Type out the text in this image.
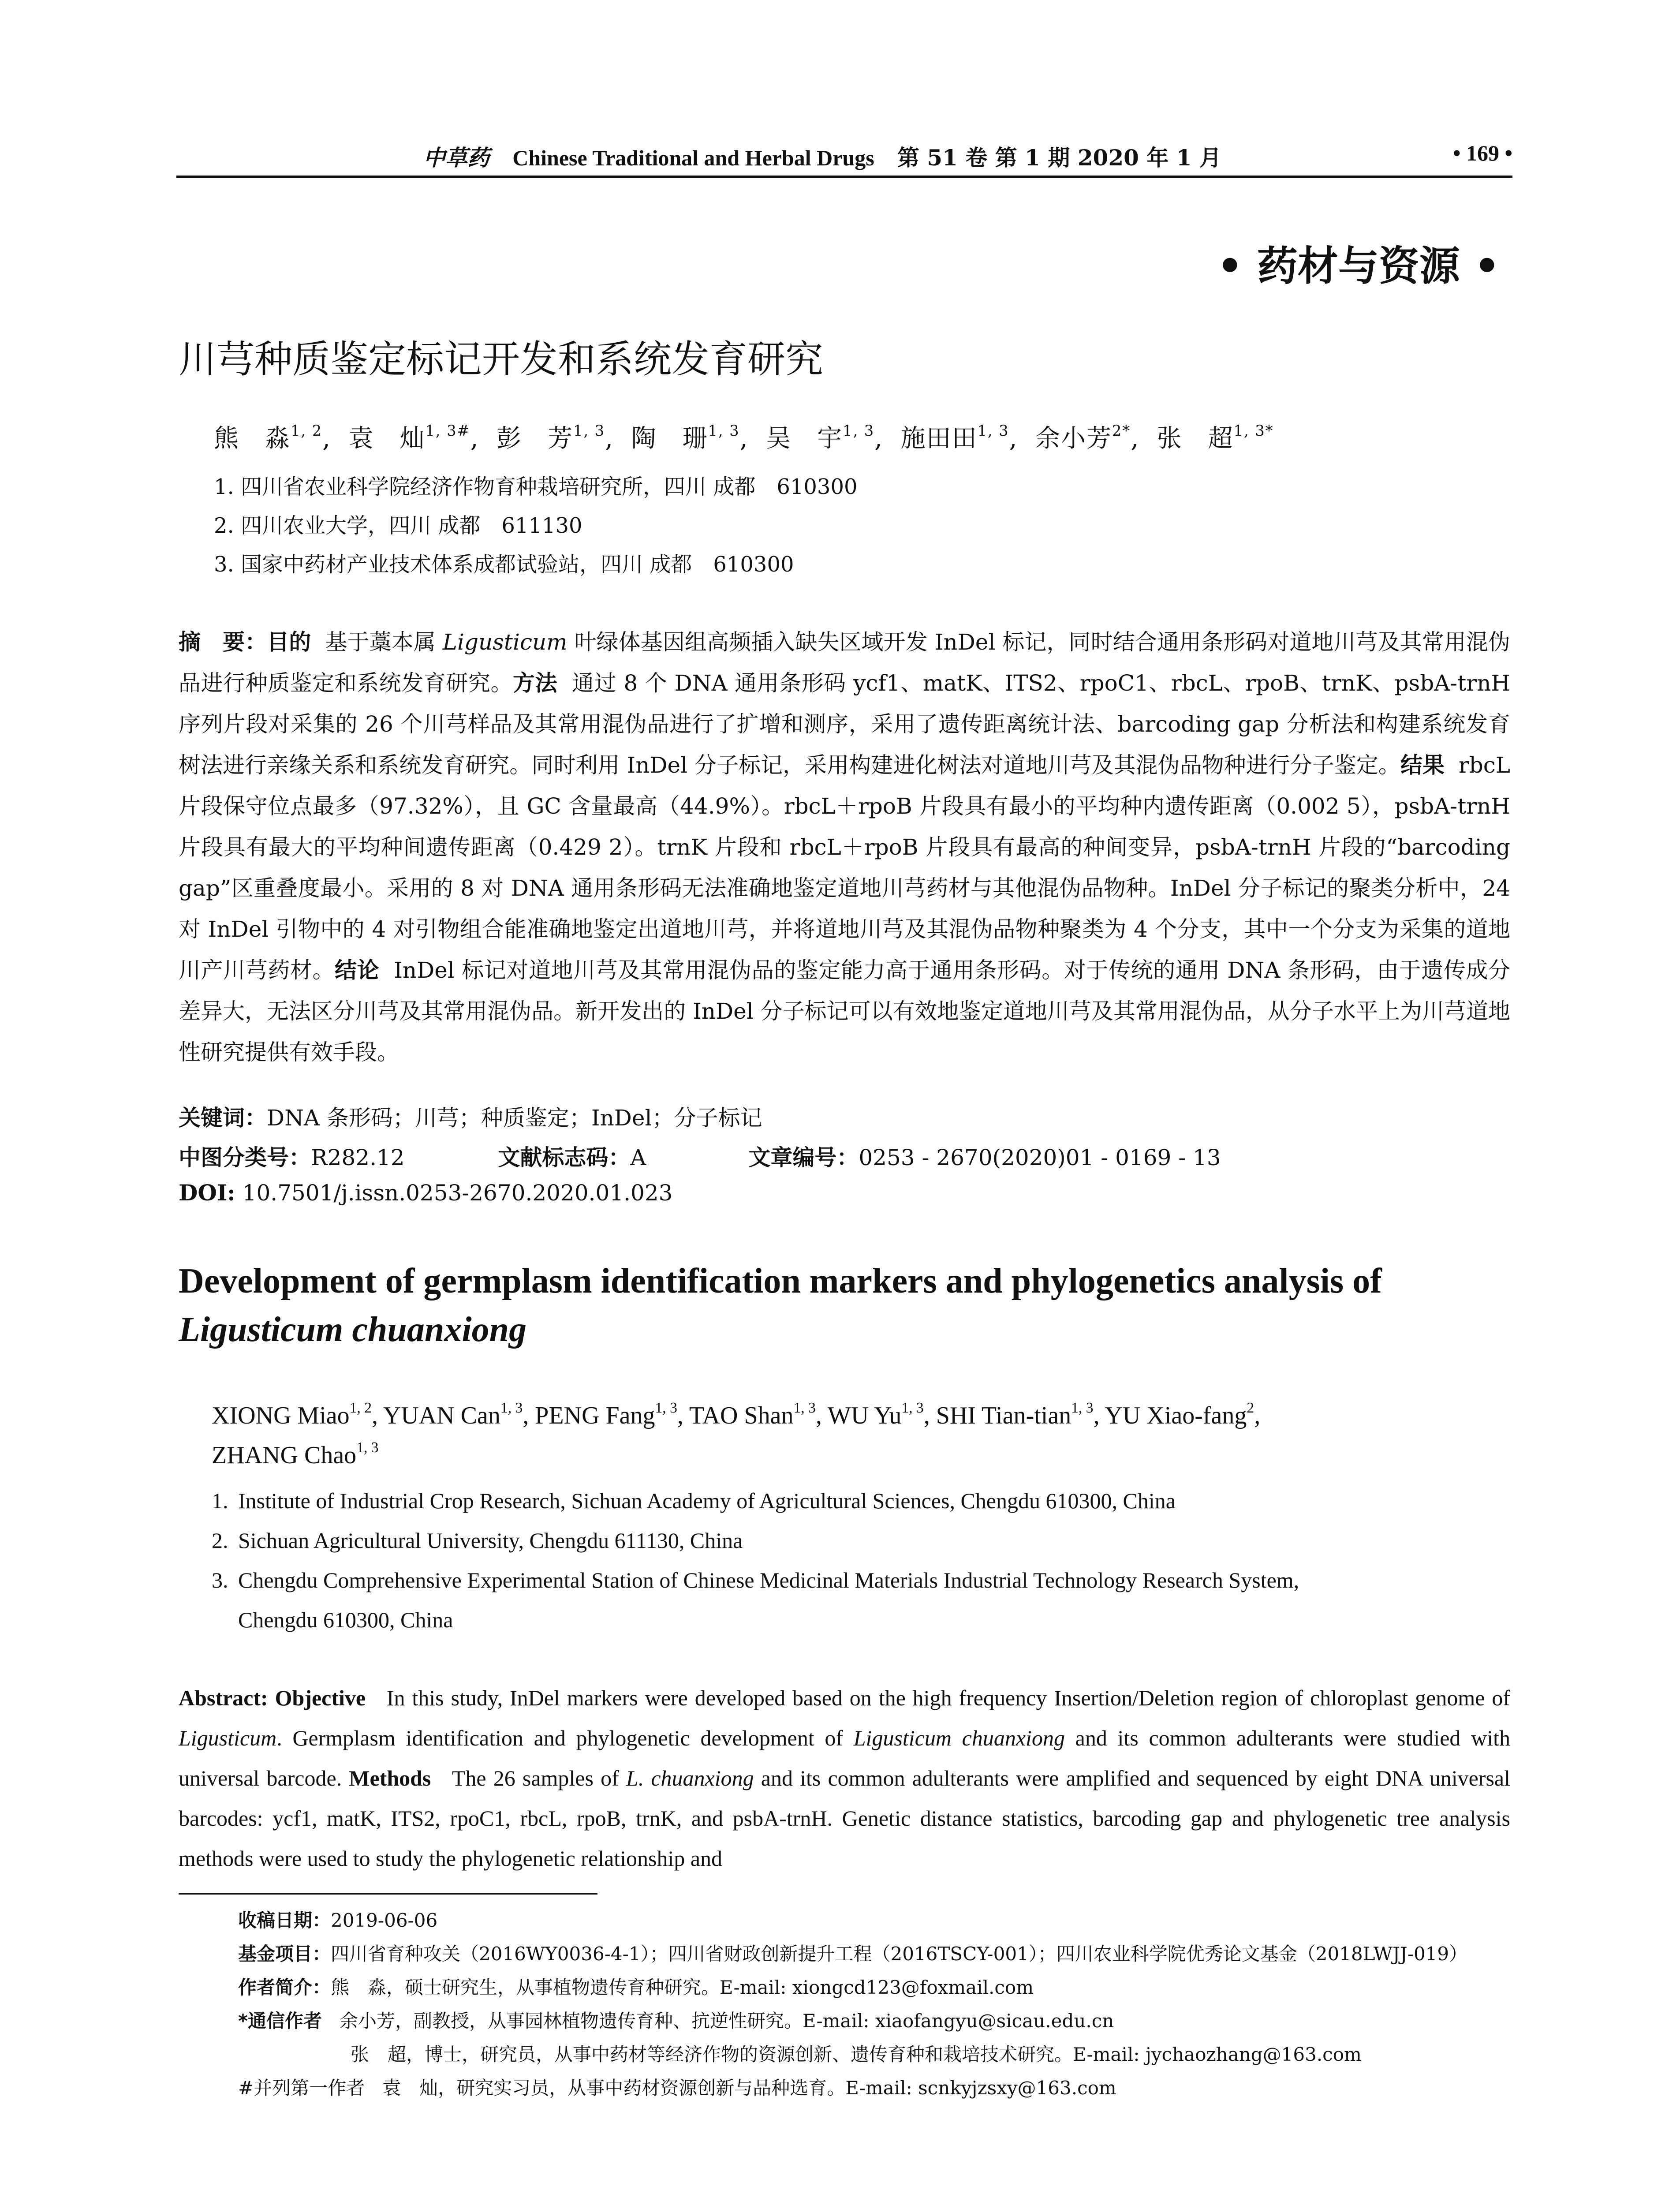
中草药 Chinese Traditional and Herbal Drugs 第 51 卷 第 1 期 2020 年 1 月	• 169 •
• 药材与资源 •
川芎种质鉴定标记开发和系统发育研究
熊　淼$^{1, 2}$,  袁　灿$^{1, 3\#}$,  彭　芳$^{1, 3}$,  陶　珊$^{1, 3}$,  吴　宇$^{1, 3}$,  施田田$^{1, 3}$,  余小芳$^{2*}$,  张　超$^{1, 3*}$
1. 四川省农业科学院经济作物育种栽培研究所，四川 成都　610300
2. 四川农业大学，四川 成都　611130
3. 国家中药材产业技术体系成都试验站，四川 成都　610300
摘　要：目的 基于藁本属 Ligusticum 叶绿体基因组高频插入缺失区域开发 InDel 标记，同时结合通用条形码对道地川芎及其常用混伪品进行种质鉴定和系统发育研究。方法 通过 8 个 DNA 通用条形码 ycf1、matK、ITS2、rpoC1、rbcL、rpoB、trnK、psbA-trnH 序列片段对采集的 26 个川芎样品及其常用混伪品进行了扩增和测序，采用了遗传距离统计法、barcoding gap 分析法和构建系统发育树法进行亲缘关系和系统发育研究。同时利用 InDel 分子标记，采用构建进化树法对道地川芎及其混伪品物种进行分子鉴定。结果 rbcL 片段保守位点最多（97.32%），且 GC 含量最高（44.9%）。rbcL＋rpoB 片段具有最小的平均种内遗传距离（0.002 5），psbA-trnH 片段具有最大的平均种间遗传距离（0.429 2）。trnK 片段和 rbcL＋rpoB 片段具有最高的种间变异，psbA-trnH 片段的“barcoding gap”区重叠度最小。采用的 8 对 DNA 通用条形码无法准确地鉴定道地川芎药材与其他混伪品物种。InDel 分子标记的聚类分析中，24 对 InDel 引物中的 4 对引物组合能准确地鉴定出道地川芎，并将道地川芎及其混伪品物种聚类为 4 个分支，其中一个分支为采集的道地川产川芎药材。结论 InDel 标记对道地川芎及其常用混伪品的鉴定能力高于通用条形码。对于传统的通用 DNA 条形码，由于遗传成分差异大，无法区分川芎及其常用混伪品。新开发出的 InDel 分子标记可以有效地鉴定道地川芎及其常用混伪品，从分子水平上为川芎道地性研究提供有效手段。
关键词：DNA 条形码；川芎；种质鉴定；InDel；分子标记
中图分类号：R282.12	文献标志码：A	文章编号：0253 - 2670(2020)01 - 0169 - 13
DOI: 10.7501/j.issn.0253-2670.2020.01.023
Development of germplasm identification markers and phylogenetics analysis of
Ligusticum chuanxiong
XIONG Miao$^{1, 2}$, YUAN Can$^{1, 3}$, PENG Fang$^{1, 3}$, TAO Shan$^{1, 3}$, WU Yu$^{1, 3}$, SHI Tian-tian$^{1, 3}$, YU Xiao-fang$^2$,
ZHANG Chao$^{1, 3}$
1. Institute of Industrial Crop Research, Sichuan Academy of Agricultural Sciences, Chengdu 610300, China
2. Sichuan Agricultural University, Chengdu 611130, China
3. Chengdu Comprehensive Experimental Station of Chinese Medicinal Materials Industrial Technology Research System,
Chengdu 610300, China
Abstract: Objective In this study, InDel markers were developed based on the high frequency Insertion/Deletion region of chloroplast genome of Ligusticum. Germplasm identification and phylogenetic development of Ligusticum chuanxiong and its common adulterants were studied with universal barcode. Methods The 26 samples of L. chuanxiong and its common adulterants were amplified and sequenced by eight DNA universal barcodes: ycf1, matK, ITS2, rpoC1, rbcL, rpoB, trnK, and psbA-trnH. Genetic distance statistics, barcoding gap and phylogenetic tree analysis methods were used to study the phylogenetic relationship and
收稿日期：2019-06-06
基金项目：四川省育种攻关（2016WY0036-4-1）；四川省财政创新提升工程（2016TSCY-001）；四川农业科学院优秀论文基金（2018LWJJ-019）
作者简介：熊　淼，硕士研究生，从事植物遗传育种研究。E-mail: xiongcd123@foxmail.com
*通信作者 余小芳，副教授，从事园林植物遗传育种、抗逆性研究。E-mail: xiaofangyu@sicau.edu.cn
张　超，博士，研究员，从事中药材等经济作物的资源创新、遗传育种和栽培技术研究。E-mail: jychaozhang@163.com
#并列第一作者 袁　灿，研究实习员，从事中药材资源创新与品种选育。E-mail: scnkyjzsxy@163.com
